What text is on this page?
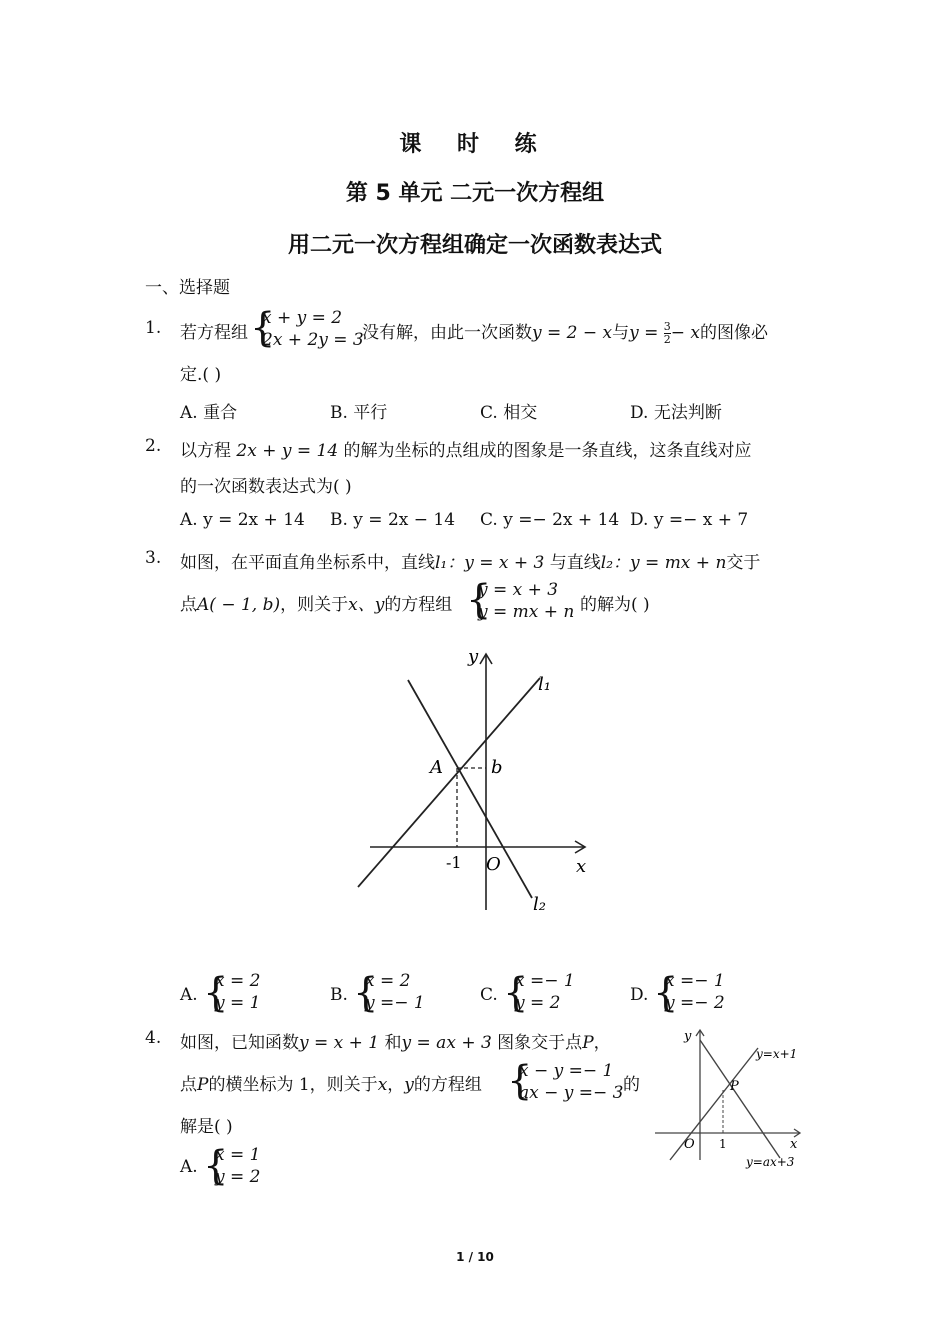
课 时 练
第 5 单元 二元一次方程组
用二元一次方程组确定一次函数表达式
一、选择题
1. 若方程组 {
x + y = 2
2x + 2y = 3
没有解，由此一次函数y = 2 − x与$y = \frac{3}{2} - x$的图像必
定.( )
A. 重合	B. 平行	C. 相交	D. 无法判断
2. 以方程 2x + y = 14 的解为坐标的点组成的图象是一条直线，这条直线对应
的一次函数表达式为( )
A. y = 2x + 14 B. y = 2x − 14 C. y =− 2x + 14 D. y =− x + 7
3. 如图，在平面直角坐标系中，直线l₁：y = x + 3 与直线l₂：y = mx + n交于
点A( − 1, b)，则关于x、y的方程组 {
y = x + 3
y = mx + n 的解为( )
y
x
l₁
l₂
A	b
-1 O
A. {
x = 2
y = 1	B. {
x = 2
y =− 1	C. {
x =− 1
y = 2	D. {
x =− 1
y =− 2
4. 如图，已知函数y = x + 1 和y = ax + 3 图象交于点P，
点P的横坐标为 1，则关于x，y的方程组 {
x − y =− 1
ax − y =− 3 的
解是( )
y
x
y=x+1
y=ax+3
P
O 1
A. {
x = 1
y = 2
1 / 10
